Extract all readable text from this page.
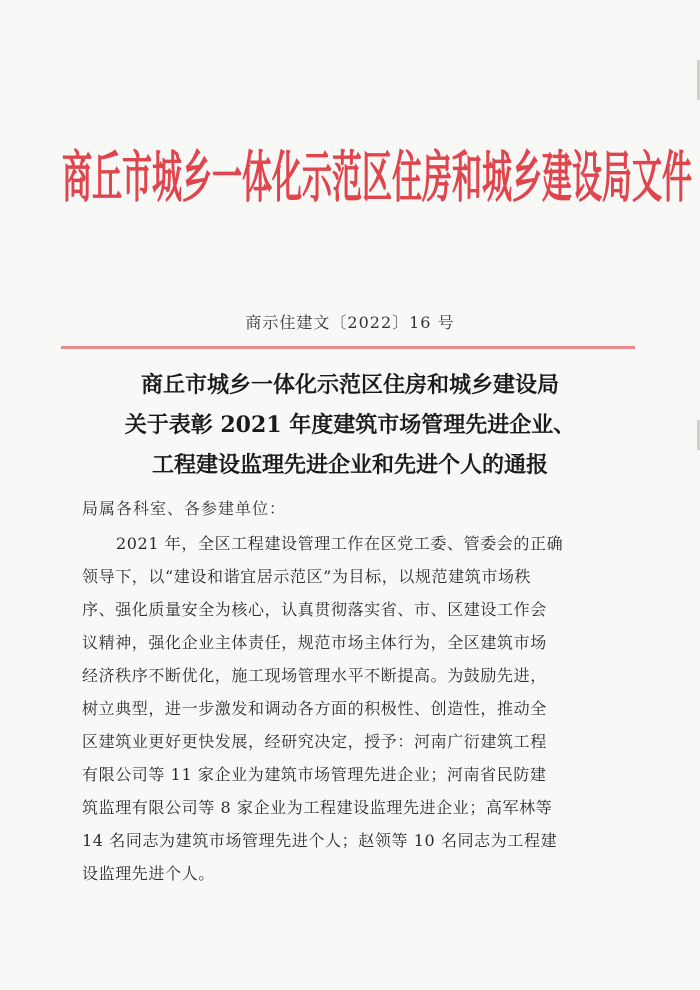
商丘市城乡一体化示范区住房和城乡建设局文件
商示住建文〔2022〕16 号
商丘市城乡一体化示范区住房和城乡建设局
关于表彰 2021 年度建筑市场管理先进企业、
工程建设监理先进企业和先进个人的通报
局属各科室、各参建单位：
2021 年，全区工程建设管理工作在区党工委、管委会的正确
领导下，以“建设和谐宜居示范区”为目标，以规范建筑市场秩
序、强化质量安全为核心，认真贯彻落实省、市、区建设工作会
议精神，强化企业主体责任，规范市场主体行为，全区建筑市场
经济秩序不断优化，施工现场管理水平不断提高。为鼓励先进，
树立典型，进一步激发和调动各方面的积极性、创造性，推动全
区建筑业更好更快发展，经研究决定，授予：河南广衍建筑工程
有限公司等 11 家企业为建筑市场管理先进企业；河南省民防建
筑监理有限公司等 8 家企业为工程建设监理先进企业；高军林等
14 名同志为建筑市场管理先进个人；赵领等 10 名同志为工程建
设监理先进个人。
